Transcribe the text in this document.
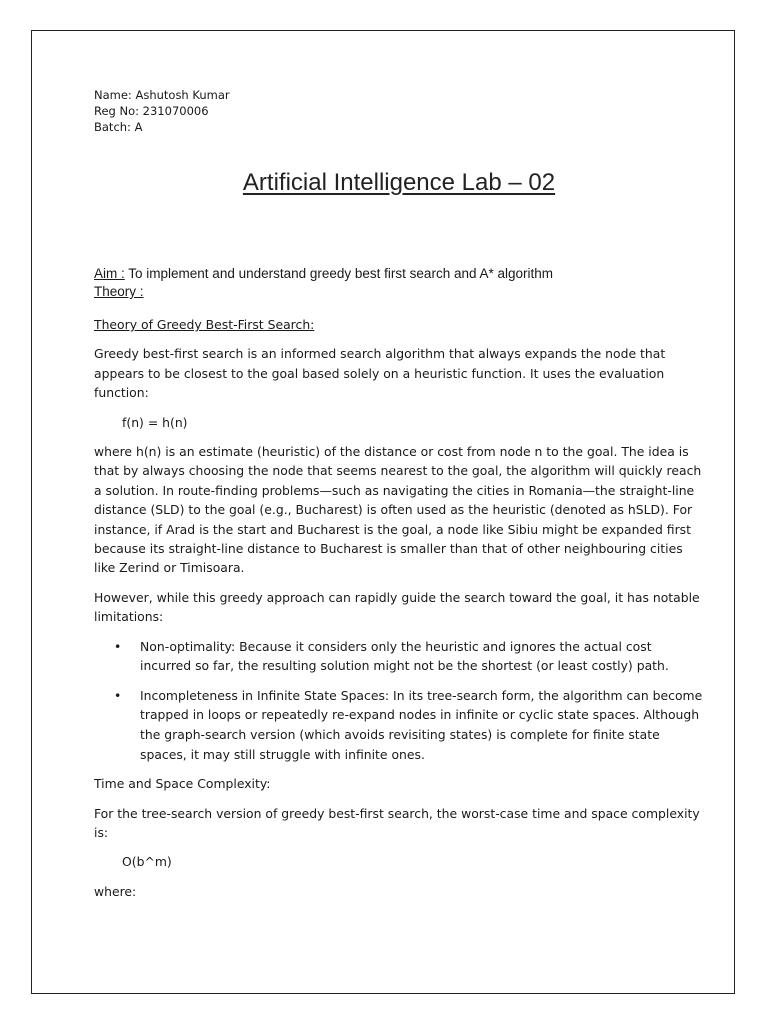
Name: Ashutosh Kumar
Reg No: 231070006
Batch: A
Artificial Intelligence Lab – 02
Aim : To implement and understand greedy best first search and A* algorithm
Theory :

Theory of Greedy Best-First Search:

Greedy best-first search is an informed search algorithm that always expands the node that appears to be closest to the goal based solely on a heuristic function. It uses the evaluation function:

f(n) = h(n)

where h(n) is an estimate (heuristic) of the distance or cost from node n to the goal. The idea is that by always choosing the node that seems nearest to the goal, the algorithm will quickly reach a solution. In route-finding problems—such as navigating the cities in Romania—the straight-line distance (SLD) to the goal (e.g., Bucharest) is often used as the heuristic (denoted as hSLD). For instance, if Arad is the start and Bucharest is the goal, a node like Sibiu might be expanded first because its straight-line distance to Bucharest is smaller than that of other neighbouring cities like Zerind or Timisoara.

However, while this greedy approach can rapidly guide the search toward the goal, it has notable limitations:

• Non-optimality: Because it considers only the heuristic and ignores the actual cost incurred so far, the resulting solution might not be the shortest (or least costly) path.
• Incompleteness in Infinite State Spaces: In its tree-search form, the algorithm can become trapped in loops or repeatedly re-expand nodes in infinite or cyclic state spaces. Although the graph-search version (which avoids revisiting states) is complete for finite state spaces, it may still struggle with infinite ones.

Time and Space Complexity:

For the tree-search version of greedy best-first search, the worst-case time and space complexity is:

O(b^m)

where:
